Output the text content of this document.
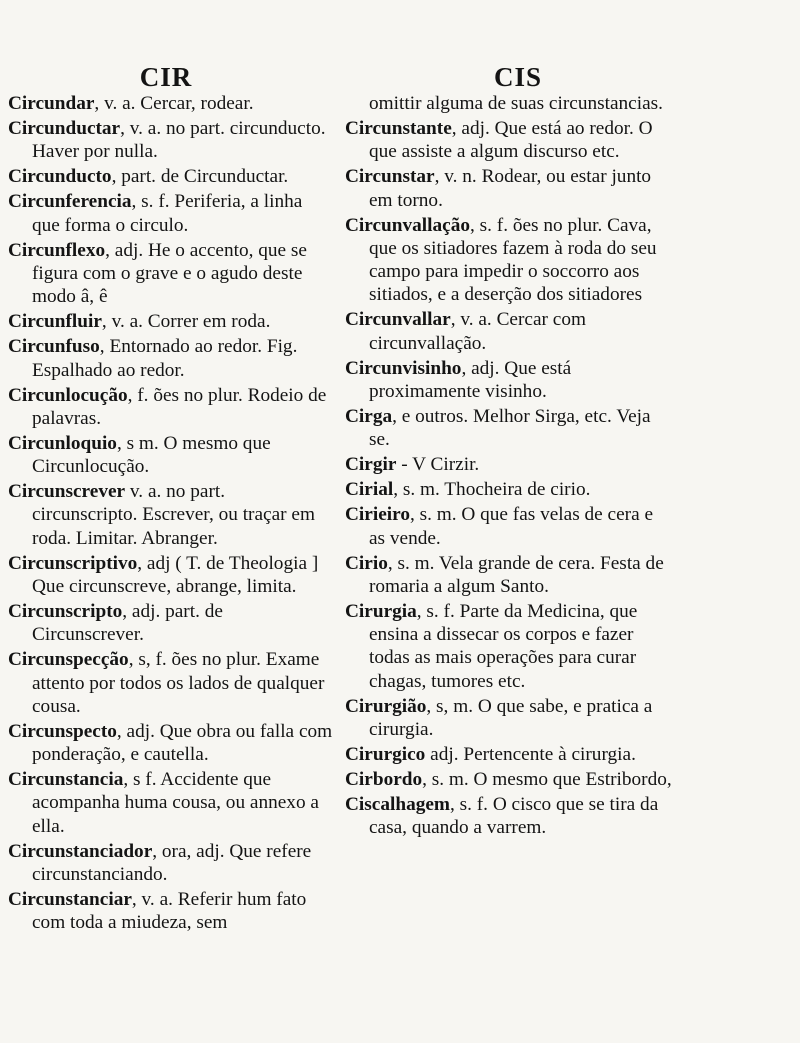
CIR	CIS
Circundar, v. a. Cercar, rodear.
Circunductar, v. a. no part. circunducto. Haver por nulla.
Circunducto, part. de Circunductar.
Circunferencia, s. f. Periferia, a linha que forma o circulo.
Circunflexo, adj. He o accento, que se figura com o grave e o agudo deste modo â, ê
Circunfluir, v. a. Correr em roda.
Circunfuso, Entornado ao redor. Fig. Espalhado ao redor.
Circunlocução, f. ões no plur. Rodeio de palavras.
Circunloquio, s m. O mesmo que Circunlocução.
Circunscrever v. a. no part. circunscripto. Escrever, ou traçar em roda. Limitar. Abranger.
Circunscriptivo, adj ( T. de Theologia ] Que circunscreve, abrange, limita.
Circunscripto, adj. part. de Circunscrever.
Circunspecção, s, f. ões no plur. Exame attento por todos os lados de qualquer cousa.
Circunspecto, adj. Que obra ou falla com ponderação, e cautella.
Circunstancia, s f. Accidente que acompanha huma cousa, ou annexo a ella.
Circunstanciador, ora, adj. Que refere circunstanciando.
Circunstanciar, v. a. Referir hum fato com toda a miudeza, sem
omittir alguma de suas circunstancias.
Circunstante, adj. Que está ao redor. O que assiste a algum discurso etc.
Circunstar, v. n. Rodear, ou estar junto em torno.
Circunvallação, s. f. ões no plur. Cava, que os sitiadores fazem à roda do seu campo para impedir o soccorro aos sitiados, e a deserção dos sitiadores
Circunvallar, v. a. Cercar com circunvallação.
Circunvisinho, adj. Que está proximamente visinho.
Cirga, e outros. Melhor Sirga, etc. Veja se.
Cirgir - V Cirzir.
Cirial, s. m. Thocheira de cirio.
Cirieiro, s. m. O que fas velas de cera e as vende.
Cirio, s. m. Vela grande de cera. Festa de romaria a algum Santo.
Cirurgia, s. f. Parte da Medicina, que ensina a dissecar os corpos e fazer todas as mais operações para curar chagas, tumores etc.
Cirurgião, s, m. O que sabe, e pratica a cirurgia.
Cirurgico adj. Pertencente à cirurgia.
Cirbordo, s. m. O mesmo que Estribordo,
Ciscalhagem, s. f. O cisco que se tira da casa, quando a varrem.
